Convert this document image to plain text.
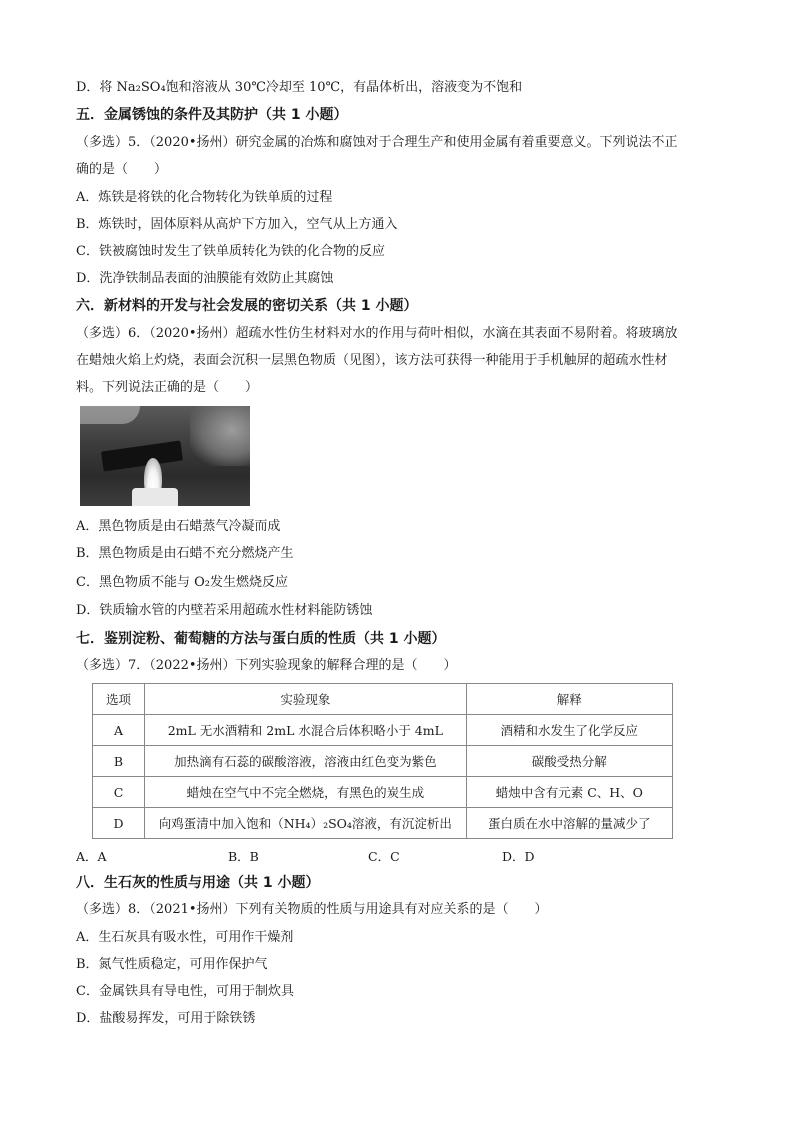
D．将 Na₂SO₄饱和溶液从 30℃冷却至 10℃，有晶体析出，溶液变为不饱和
五．金属锈蚀的条件及其防护（共 1 小题）
（多选）5．（2020•扬州）研究金属的冶炼和腐蚀对于合理生产和使用金属有着重要意义。下列说法不正
确的是（　　）
A．炼铁是将铁的化合物转化为铁单质的过程
B．炼铁时，固体原料从高炉下方加入，空气从上方通入
C．铁被腐蚀时发生了铁单质转化为铁的化合物的反应
D．洗净铁制品表面的油膜能有效防止其腐蚀
六．新材料的开发与社会发展的密切关系（共 1 小题）
（多选）6．（2020•扬州）超疏水性仿生材料对水的作用与荷叶相似，水滴在其表面不易附着。将玻璃放
在蜡烛火焰上灼烧，表面会沉积一层黑色物质（见图），该方法可获得一种能用于手机触屏的超疏水性材
料。下列说法正确的是（　　）
A．黑色物质是由石蜡蒸气冷凝而成
B．黑色物质是由石蜡不充分燃烧产生
C．黑色物质不能与 O₂发生燃烧反应
D．铁质输水管的内壁若采用超疏水性材料能防锈蚀
七．鉴别淀粉、葡萄糖的方法与蛋白质的性质（共 1 小题）
（多选）7．（2022•扬州）下列实验现象的解释合理的是（　　）
选项	实验现象	解释
A	2mL 无水酒精和 2mL 水混合后体积略小于 4mL	酒精和水发生了化学反应
B	加热滴有石蕊的碳酸溶液，溶液由红色变为紫色	碳酸受热分解
C	蜡烛在空气中不完全燃烧，有黑色的炭生成	蜡烛中含有元素 C、H、O
D	向鸡蛋清中加入饱和（NH₄）₂SO₄溶液，有沉淀析出	蛋白质在水中溶解的量减少了
A．A	B．B	C．C	D．D
八．生石灰的性质与用途（共 1 小题）
（多选）8．（2021•扬州）下列有关物质的性质与用途具有对应关系的是（　　）
A．生石灰具有吸水性，可用作干燥剂
B．氮气性质稳定，可用作保护气
C．金属铁具有导电性，可用于制炊具
D．盐酸易挥发，可用于除铁锈
